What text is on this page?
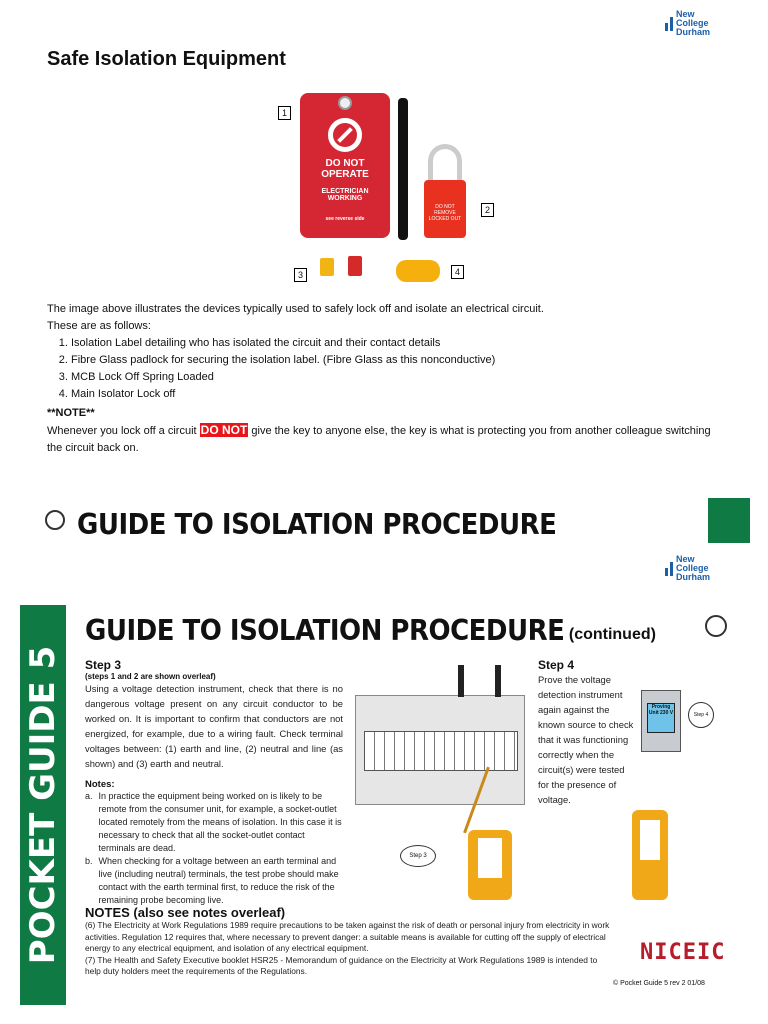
New
College
Durham
Safe Isolation Equipment
1
DO NOT
OPERATE
ELECTRICIAN
WORKING
see reverse side
DO NOT REMOVE LOCKED OUT
2
3	4

The image above illustrates the devices typically used to safely lock off and isolate an electrical circuit.

These are as follows:

1. Isolation Label detailing who has isolated the circuit and their contact details
2. Fibre Glass padlock for securing the isolation label. (Fibre Glass as this nonconductive)
3. MCB Lock Off Spring Loaded
4. Main Isolator Lock off

**NOTE**

Whenever you lock off a circuit DO NOT give the key to anyone else, the key is what is protecting you from another colleague switching the circuit back on.

GUIDE TO ISOLATION PROCEDURE
New
College
Durham
POCKET GUIDE 5
GUIDE TO ISOLATION PROCEDURE (continued)
Step 3
(steps 1 and 2 are shown overleaf)

Using a voltage detection instrument, check that there is no dangerous voltage present on any circuit conductor to be worked on. It is important to confirm that conductors are not energized, for example, due to a wiring fault. Check terminal voltages between: (1) earth and line, (2) neutral and line (as shown) and (3) earth and neutral.

Notes:
a. In practice the equipment being worked on is likely to be remote from the consumer unit, for example, a socket-outlet located remotely from the means of isolation. In this case it is necessary to check that all the socket-outlet contact terminals are dead.

b. When checking for a voltage between an earth terminal and live (including neutral) terminals, the test probe should make contact with the earth terminal first, to reduce the risk of the remaining probe becoming live.

Step 3
Step 4

Prove the voltage detection instrument again against the known source to check that it was functioning correctly when the circuit(s) were tested for the presence of voltage.

Proving Unit 230 V	Step 4
NOTES (also see notes overleaf)

(6) The Electricity at Work Regulations 1989 require precautions to be taken against the risk of death or personal injury from electricity in work activities. Regulation 12 requires that, where necessary to prevent danger: a suitable means is available for cutting off the supply of electrical energy to any electrical equipment, and isolation of any electrical equipment.

(7) The Health and Safety Executive booklet HSR25 - Memorandum of guidance on the Electricity at Work Regulations 1989 is intended to help duty holders meet the requirements of the Regulations.

NICEIC
© Pocket Guide 5 rev 2 01/08
